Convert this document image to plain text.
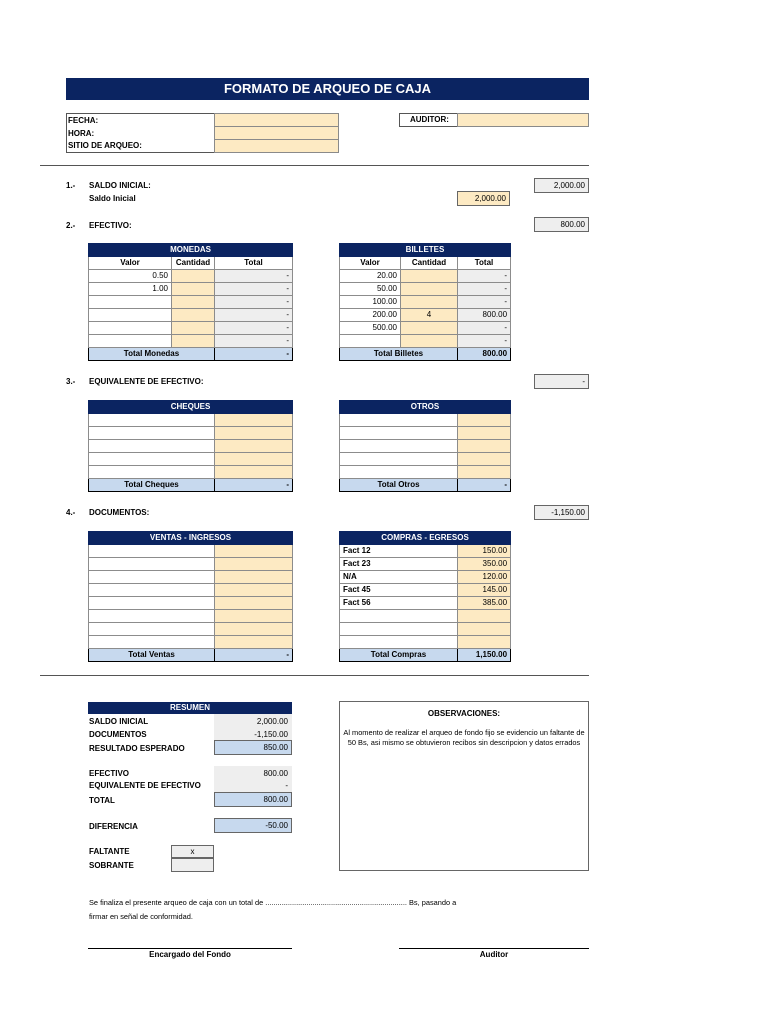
FORMATO DE ARQUEO DE CAJA
FECHA:
HORA:
SITIO DE ARQUEO:
AUDITOR:
1.- SALDO INICIAL:
Saldo Inicial	2,000.00
2,000.00
2.- EFECTIVO:	800.00
MONEDAS		
Valor	Cantidad	Total
0.50		-
1.00		-
		-
		-
		-
		-
Total Monedas		-
BILLETES		
Valor	Cantidad	Total
20.00		-
50.00		-
100.00		-
200.00	4	800.00
500.00		-
		-
Total Billetes		800.00
3.- EQUIVALENTE DE EFECTIVO:	-
CHEQUES	

Total Cheques	-
OTROS	

Total Otros	-
4.- DOCUMENTOS:	-1,150.00
VENTAS - INGRESOS	

Total Ventas	-
COMPRAS - EGRESOS	
Fact 12	150.00
Fact 23	350.00
N/A	120.00
Fact 45	145.00
Fact 56	385.00

Total Compras	1,150.00
RESUMEN
SALDO INICIAL	2,000.00
DOCUMENTOS	-1,150.00
RESULTADO ESPERADO	850.00
EFECTIVO	800.00
EQUIVALENTE DE EFECTIVO	-
TOTAL	800.00
DIFERENCIA	-50.00
FALTANTE	x
SOBRANTE
OBSERVACIONES:
Al momento de realizar el arqueo de fondo fijo se evidencio un faltante de 50 Bs, asi mismo se obtuvieron recibos sin descripcion y datos errados
Se finaliza el presente arqueo de caja con un total de ..................................................................... Bs, pasando a
firmar en señal de conformidad.
Encargado del Fondo	Auditor
